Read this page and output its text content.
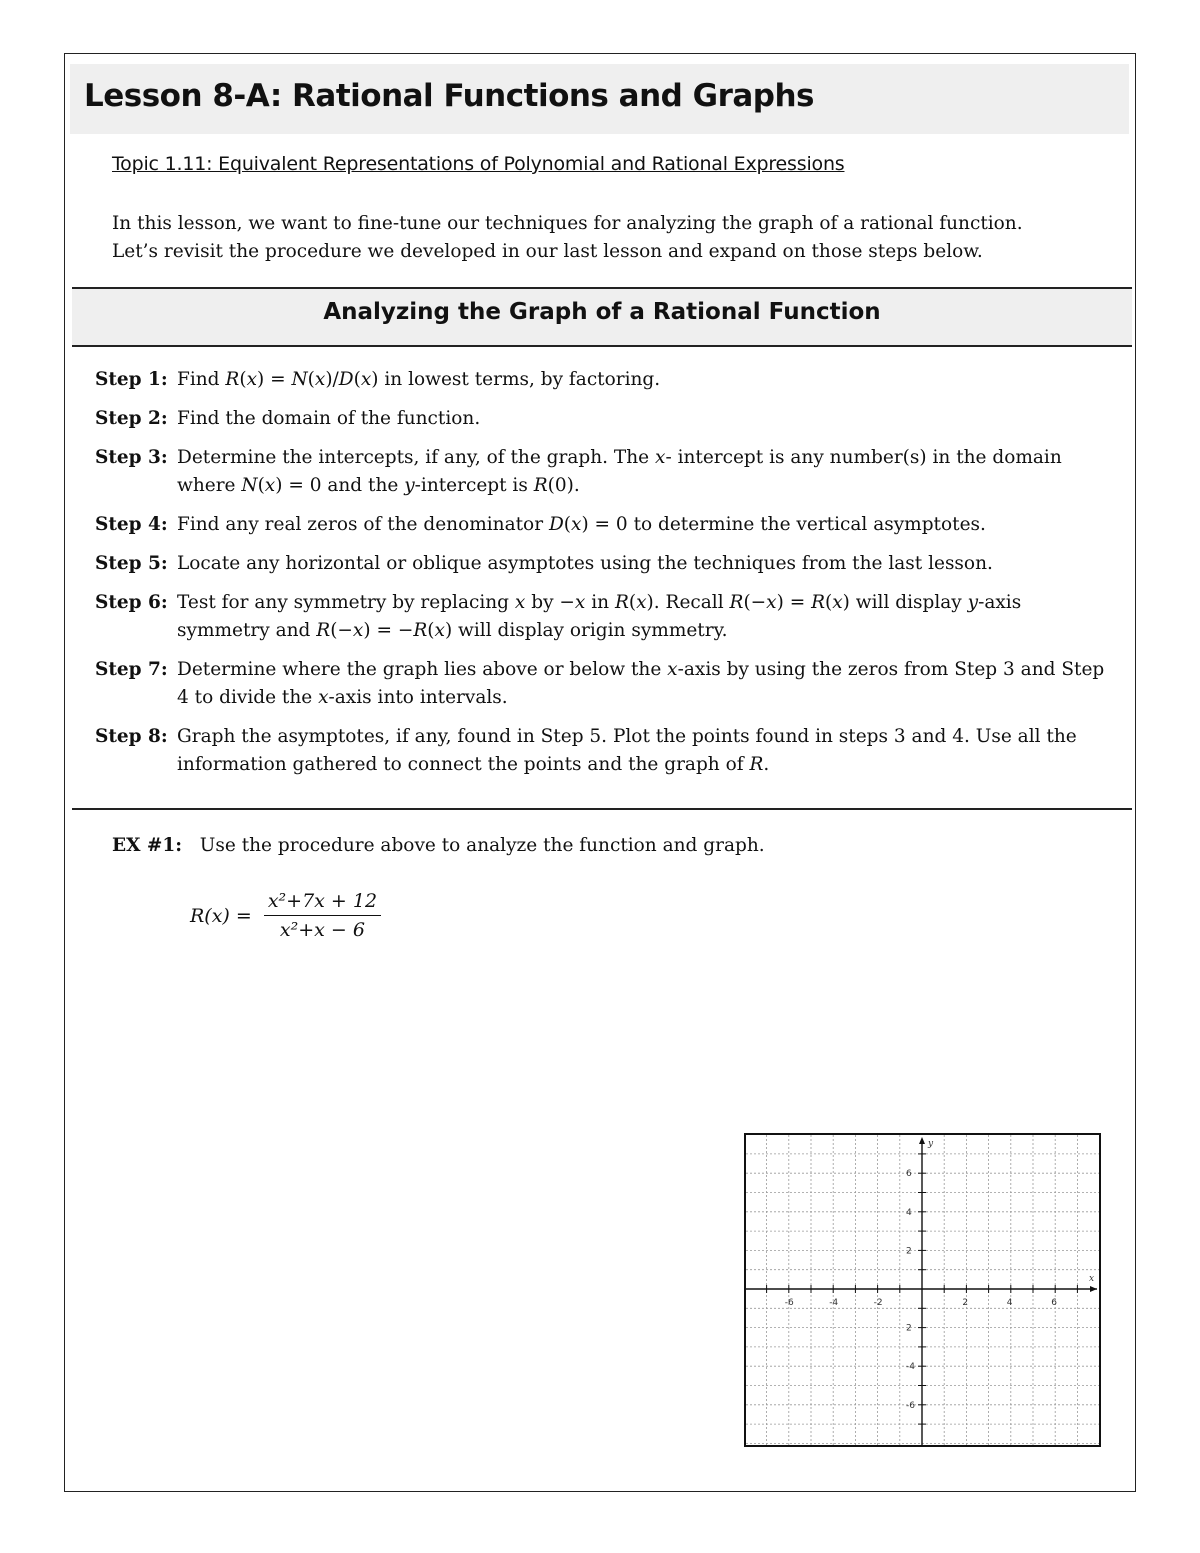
Lesson 8-A: Rational Functions and Graphs
Topic 1.11: Equivalent Representations of Polynomial and Rational Expressions
In this lesson, we want to fine-tune our techniques for analyzing the graph of a rational function.
Let’s revisit the procedure we developed in our last lesson and expand on those steps below.
Analyzing the Graph of a Rational Function
Step 1: Find R(x) = N(x)/D(x) in lowest terms, by factoring.
Step 2: Find the domain of the function.
Step 3: Determine the intercepts, if any, of the graph. The x- intercept is any number(s) in the domain where N(x) = 0 and the y-intercept is R(0).
Step 4: Find any real zeros of the denominator D(x) = 0 to determine the vertical asymptotes.
Step 5: Locate any horizontal or oblique asymptotes using the techniques from the last lesson.
Step 6: Test for any symmetry by replacing x by −x in R(x). Recall R(−x) = R(x) will display y-axis symmetry and R(−x) = −R(x) will display origin symmetry.
Step 7: Determine where the graph lies above or below the x-axis by using the zeros from Step 3 and Step 4 to divide the x-axis into intervals.
Step 8: Graph the asymptotes, if any, found in Step 5. Plot the points found in steps 3 and 4. Use all the information gathered to connect the points and the graph of R.
EX #1: Use the procedure above to analyze the function and graph.
$R(x) = \frac{\text{x²+7x + 12}}{\text{x²+x − 6}}$
x
y
-6	-4	-2	2	4	6
6
4
2
2
-4
-6
